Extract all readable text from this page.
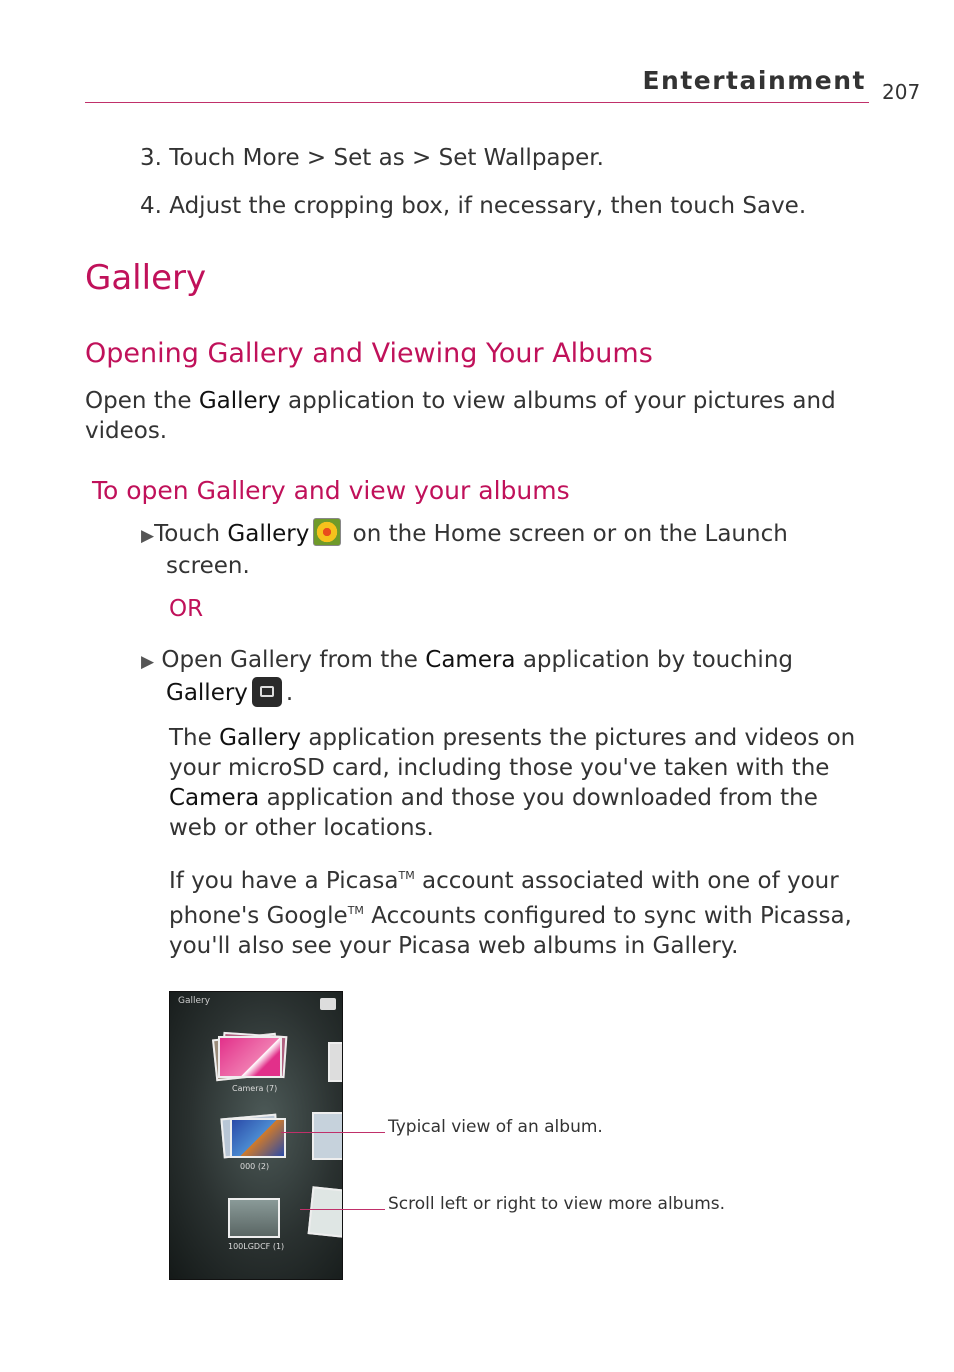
Entertainment 207
3. Touch More > Set as > Set Wallpaper.
4. Adjust the cropping box, if necessary, then touch Save.
Gallery
Opening Gallery and Viewing Your Albums
Open the Gallery application to view albums of your pictures and
videos.
To open Gallery and view your albums
▶Touch Gallery on the Home screen or on the Launch
screen.
OR
▶ Open Gallery from the Camera application by touching
Gallery .
The Gallery application presents the pictures and videos on
your microSD card, including those you've taken with the
Camera application and those you downloaded from the
web or other locations.
If you have a Picasa™ account associated with one of your
phone's Google™ Accounts configured to sync with Picassa,
you'll also see your Picasa web albums in Gallery.
Gallery
Camera (7)
000 (2)
100LGDCF (1)
Typical view of an album.
Scroll left or right to view more albums.
